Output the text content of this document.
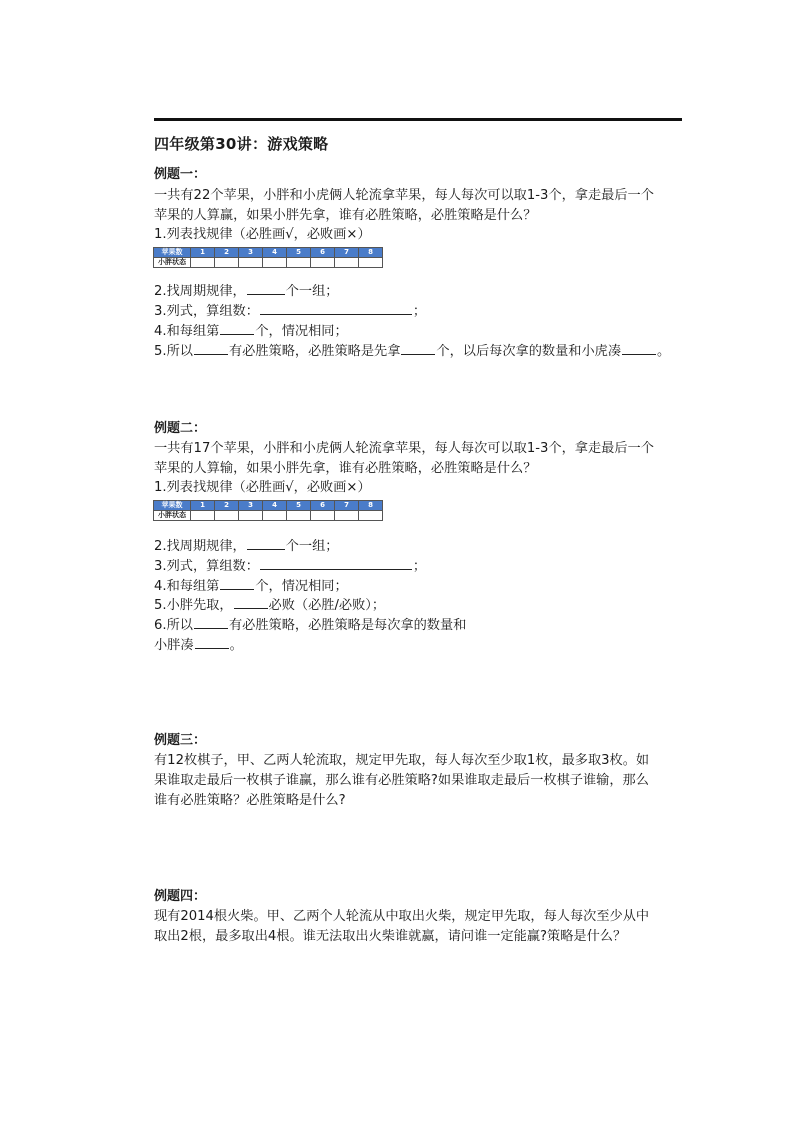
四年级第30讲：游戏策略
例题一：
一共有22个苹果，小胖和小虎俩人轮流拿苹果，每人每次可以取1-3个，拿走最后一个
苹果的人算赢，如果小胖先拿，谁有必胜策略，必胜策略是什么？
1.列表找规律（必胜画√，必败画×）
苹果数	1	2	3	4	5	6	7	8
小胖状态								
2.找周期规律，	个一组；
3.列式，算组数：	；
4.和每组第	个，情况相同；
5.所以	有必胜策略，必胜策略是先拿	个，以后每次拿的数量和小虎凑	。
例题二：
一共有17个苹果，小胖和小虎俩人轮流拿苹果，每人每次可以取1-3个，拿走最后一个
苹果的人算输，如果小胖先拿，谁有必胜策略，必胜策略是什么？
1.列表找规律（必胜画√，必败画×）
苹果数	1	2	3	4	5	6	7	8
小胖状态								
2.找周期规律，	个一组；
3.列式，算组数：	；
4.和每组第	个，情况相同；
5.小胖先取，	必败（必胜/必败）；
6.所以	有必胜策略，必胜策略是每次拿的数量和
小胖凑	。
例题三：
有12枚棋子，甲、乙两人轮流取，规定甲先取，每人每次至少取1枚，最多取3枚。如
果谁取走最后一枚棋子谁赢，那么谁有必胜策略?如果谁取走最后一枚棋子谁输，那么
谁有必胜策略？必胜策略是什么?
例题四：
现有2014根火柴。甲、乙两个人轮流从中取出火柴，规定甲先取，每人每次至少从中
取出2根，最多取出4根。谁无法取出火柴谁就赢，请问谁一定能赢?策略是什么？
